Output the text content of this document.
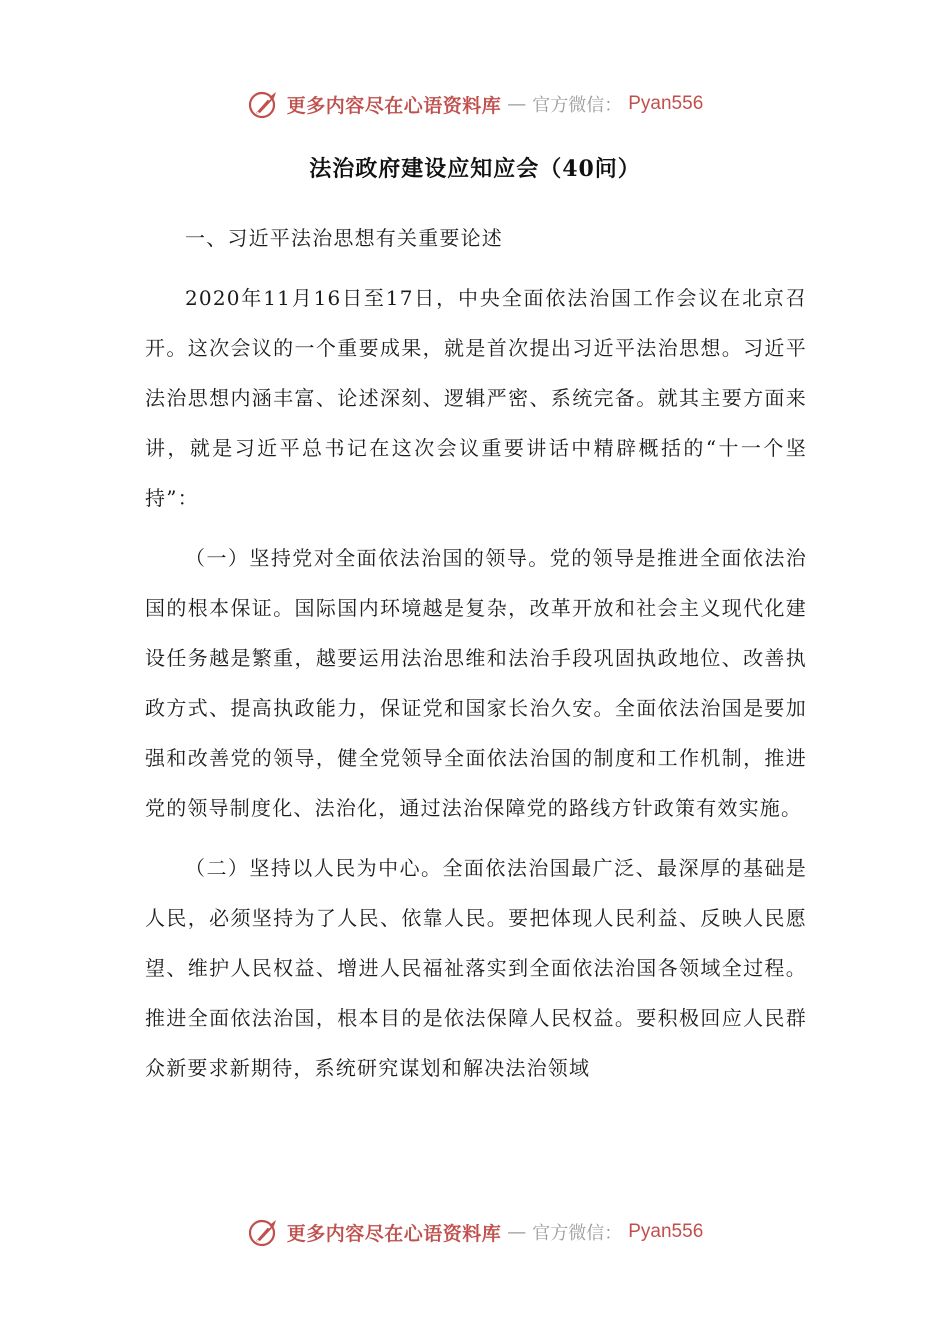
更多内容尽在心语资料库 — 官方微信： Pyan556
法治政府建设应知应会（40问）

一、习近平法治思想有关重要论述

2020年11月16日至17日，中央全面依法治国工作会议在北京召开。这次会议的一个重要成果，就是首次提出习近平法治思想。习近平法治思想内涵丰富、论述深刻、逻辑严密、系统完备。就其主要方面来讲，就是习近平总书记在这次会议重要讲话中精辟概括的“十一个坚持”：

（一）坚持党对全面依法治国的领导。党的领导是推进全面依法治国的根本保证。国际国内环境越是复杂，改革开放和社会主义现代化建设任务越是繁重，越要运用法治思维和法治手段巩固执政地位、改善执政方式、提高执政能力，保证党和国家长治久安。全面依法治国是要加强和改善党的领导，健全党领导全面依法治国的制度和工作机制，推进党的领导制度化、法治化，通过法治保障党的路线方针政策有效实施。

（二）坚持以人民为中心。全面依法治国最广泛、最深厚的基础是人民，必须坚持为了人民、依靠人民。要把体现人民利益、反映人民愿望、维护人民权益、增进人民福祉落实到全面依法治国各领域全过程。推进全面依法治国，根本目的是依法保障人民权益。要积极回应人民群众新要求新期待，系统研究谋划和解决法治领域

更多内容尽在心语资料库 — 官方微信： Pyan556
